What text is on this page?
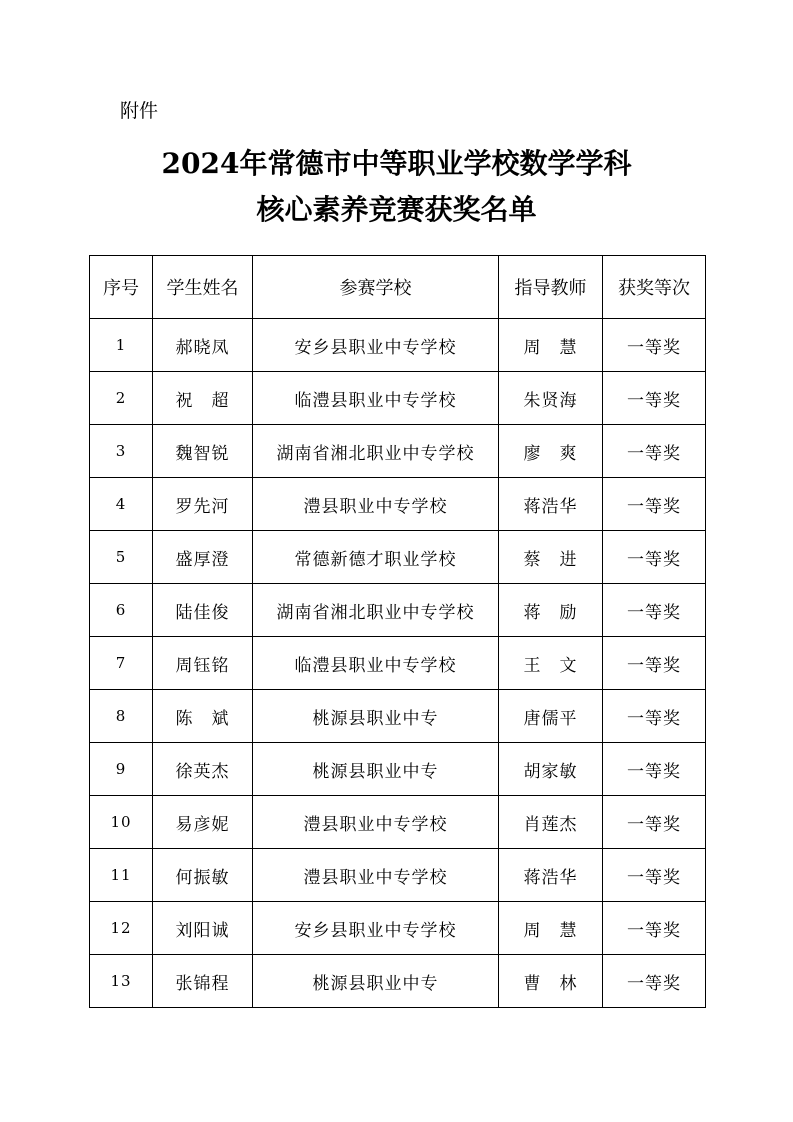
附件
2024年常德市中等职业学校数学学科
核心素养竞赛获奖名单
序号	学生姓名	参赛学校	指导教师	获奖等次
1	郝晓凤	安乡县职业中专学校	周　慧	一等奖
2	祝　超	临澧县职业中专学校	朱贤海	一等奖
3	魏智锐	湖南省湘北职业中专学校	廖　爽	一等奖
4	罗先河	澧县职业中专学校	蒋浩华	一等奖
5	盛厚澄	常德新德才职业学校	蔡　进	一等奖
6	陆佳俊	湖南省湘北职业中专学校	蒋　励	一等奖
7	周钰铭	临澧县职业中专学校	王　文	一等奖
8	陈　斌	桃源县职业中专	唐儒平	一等奖
9	徐英杰	桃源县职业中专	胡家敏	一等奖
10	易彦妮	澧县职业中专学校	肖莲杰	一等奖
11	何振敏	澧县职业中专学校	蒋浩华	一等奖
12	刘阳诚	安乡县职业中专学校	周　慧	一等奖
13	张锦程	桃源县职业中专	曹　林	一等奖
